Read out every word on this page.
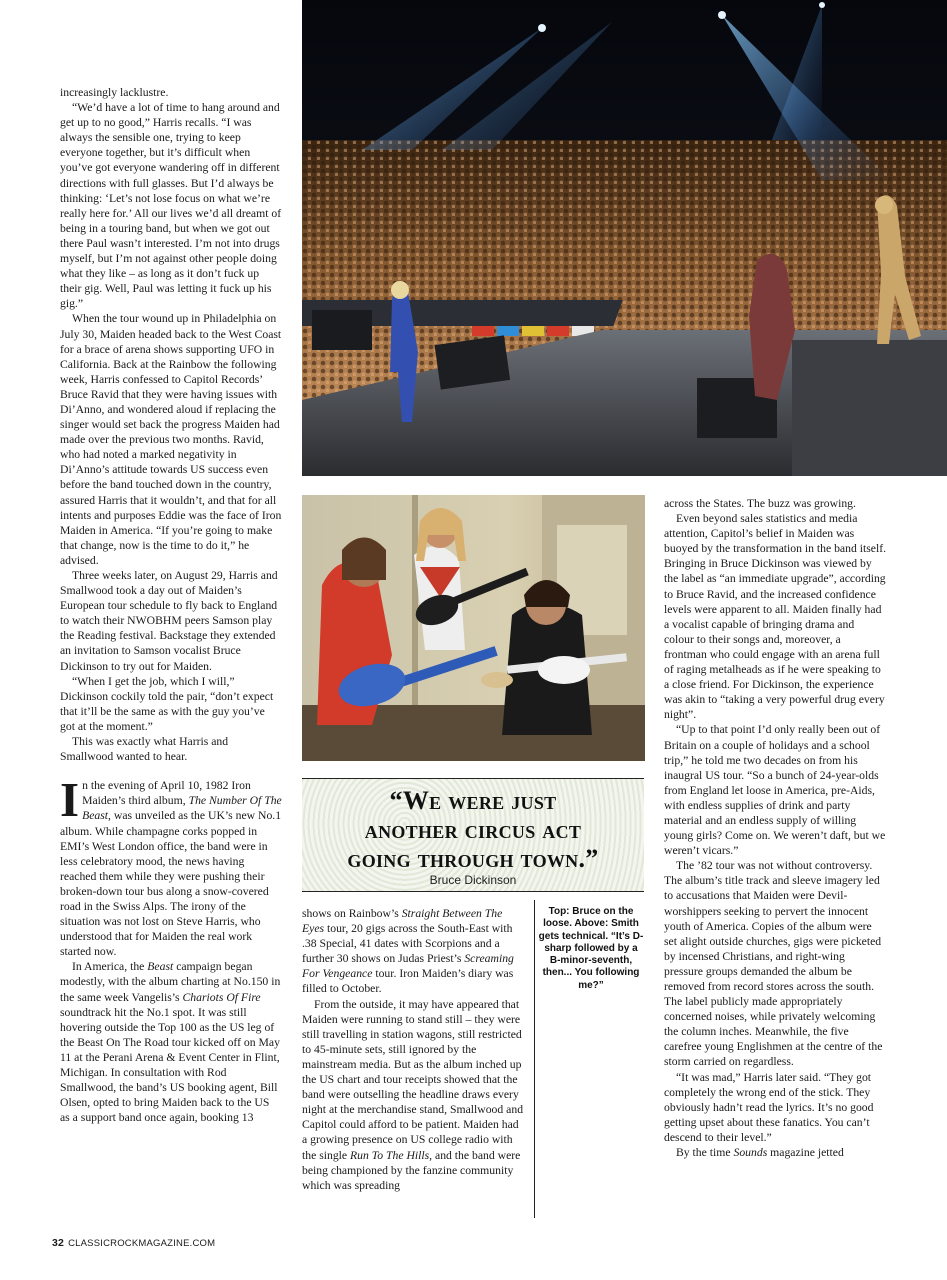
increasingly lacklustre.

“We’d have a lot of time to hang around and get up to no good,” Harris recalls. “I was always the sensible one, trying to keep everyone together, but it’s difficult when you’ve got everyone wandering off in different directions with full glasses. But I’d always be thinking: ‘Let’s not lose focus on what we’re really here for.’ All our lives we’d all dreamt of being in a touring band, but when we got out there Paul wasn’t interested. I’m not into drugs myself, but I’m not against other people doing what they like – as long as it don’t fuck up their gig. Well, Paul was letting it fuck up his gig.”

When the tour wound up in Philadelphia on July 30, Maiden headed back to the West Coast for a brace of arena shows supporting UFO in California. Back at the Rainbow the following week, Harris confessed to Capitol Records’ Bruce Ravid that they were having issues with Di’Anno, and wondered aloud if replacing the singer would set back the progress Maiden had made over the previous two months. Ravid, who had noted a marked negativity in Di’Anno’s attitude towards US success even before the band touched down in the country, assured Harris that it wouldn’t, and that for all intents and purposes Eddie was the face of Iron Maiden in America. “If you’re going to make that change, now is the time to do it,” he advised.

Three weeks later, on August 29, Harris and Smallwood took a day out of Maiden’s European tour schedule to fly back to England to watch their NWOBHM peers Samson play the Reading festival. Backstage they extended an invitation to Samson vocalist Bruce Dickinson to try out for Maiden.

“When I get the job, which I will,” Dickinson cockily told the pair, “don’t expect that it’ll be the same as with the guy you’ve got at the moment.”

This was exactly what Harris and Smallwood wanted to hear.

In the evening of April 10, 1982 Iron Maiden’s third album, The Number Of The Beast, was unveiled as the UK’s new No.1 album. While champagne corks popped in EMI’s West London office, the band were in less celebratory mood, the news having reached them while they were pushing their broken-down tour bus along a snow-covered road in the Swiss Alps. The irony of the situation was not lost on Steve Harris, who understood that for Maiden the real work started now.

In America, the Beast campaign began modestly, with the album charting at No.150 in the same week Vangelis’s Chariots Of Fire soundtrack hit the No.1 spot. It was still hovering outside the Top 100 as the US leg of the Beast On The Road tour kicked off on May 11 at the Perani Arena & Event Center in Flint, Michigan. In consultation with Rod Smallwood, the band’s US booking agent, Bill Olsen, opted to bring Maiden back to the US as a support band once again, booking 13

“We were just
another circus act
going through town.”
Bruce Dickinson

shows on Rainbow’s Straight Between The Eyes tour, 20 gigs across the South-East with .38 Special, 41 dates with Scorpions and a further 30 shows on Judas Priest’s Screaming For Vengeance tour. Iron Maiden’s diary was filled to October.

From the outside, it may have appeared that Maiden were running to stand still – they were still travelling in station wagons, still restricted to 45-minute sets, still ignored by the mainstream media. But as the album inched up the US chart and tour receipts showed that the band were outselling the headline draws every night at the merchandise stand, Smallwood and Capitol could afford to be patient. Maiden had a growing presence on US college radio with the single Run To The Hills, and the band were being championed by the fanzine community which was spreading

Top: Bruce on the loose. Above: Smith gets technical. “It’s D-sharp followed by a B-minor-seventh, then... You following me?”

across the States. The buzz was growing.

Even beyond sales statistics and media attention, Capitol’s belief in Maiden was buoyed by the transformation in the band itself. Bringing in Bruce Dickinson was viewed by the label as “an immediate upgrade”, according to Bruce Ravid, and the increased confidence levels were apparent to all. Maiden finally had a vocalist capable of bringing drama and colour to their songs and, moreover, a frontman who could engage with an arena full of raging metalheads as if he were speaking to a close friend. For Dickinson, the experience was akin to “taking a very powerful drug every night”.

“Up to that point I’d only really been out of Britain on a couple of holidays and a school trip,” he told me two decades on from his inaugral US tour. “So a bunch of 24-year-olds from England let loose in America, pre-Aids, with endless supplies of drink and party material and an endless supply of willing young girls? Come on. We weren’t daft, but we weren’t vicars.”

The ’82 tour was not without controversy. The album’s title track and sleeve imagery led to accusations that Maiden were Devil-worshippers seeking to pervert the innocent youth of America. Copies of the album were set alight outside churches, gigs were picketed by incensed Christians, and right-wing pressure groups demanded the album be removed from record stores across the south. The label publicly made appropriately concerned noises, while privately welcoming the column inches. Meanwhile, the five carefree young Englishmen at the centre of the storm carried on regardless.

“It was mad,” Harris later said. “They got completely the wrong end of the stick. They obviously hadn’t read the lyrics. It’s no good getting upset about these fanatics. You can’t descend to their level.”

By the time Sounds magazine jetted

32 CLASSICROCKMAGAZINE.COM
